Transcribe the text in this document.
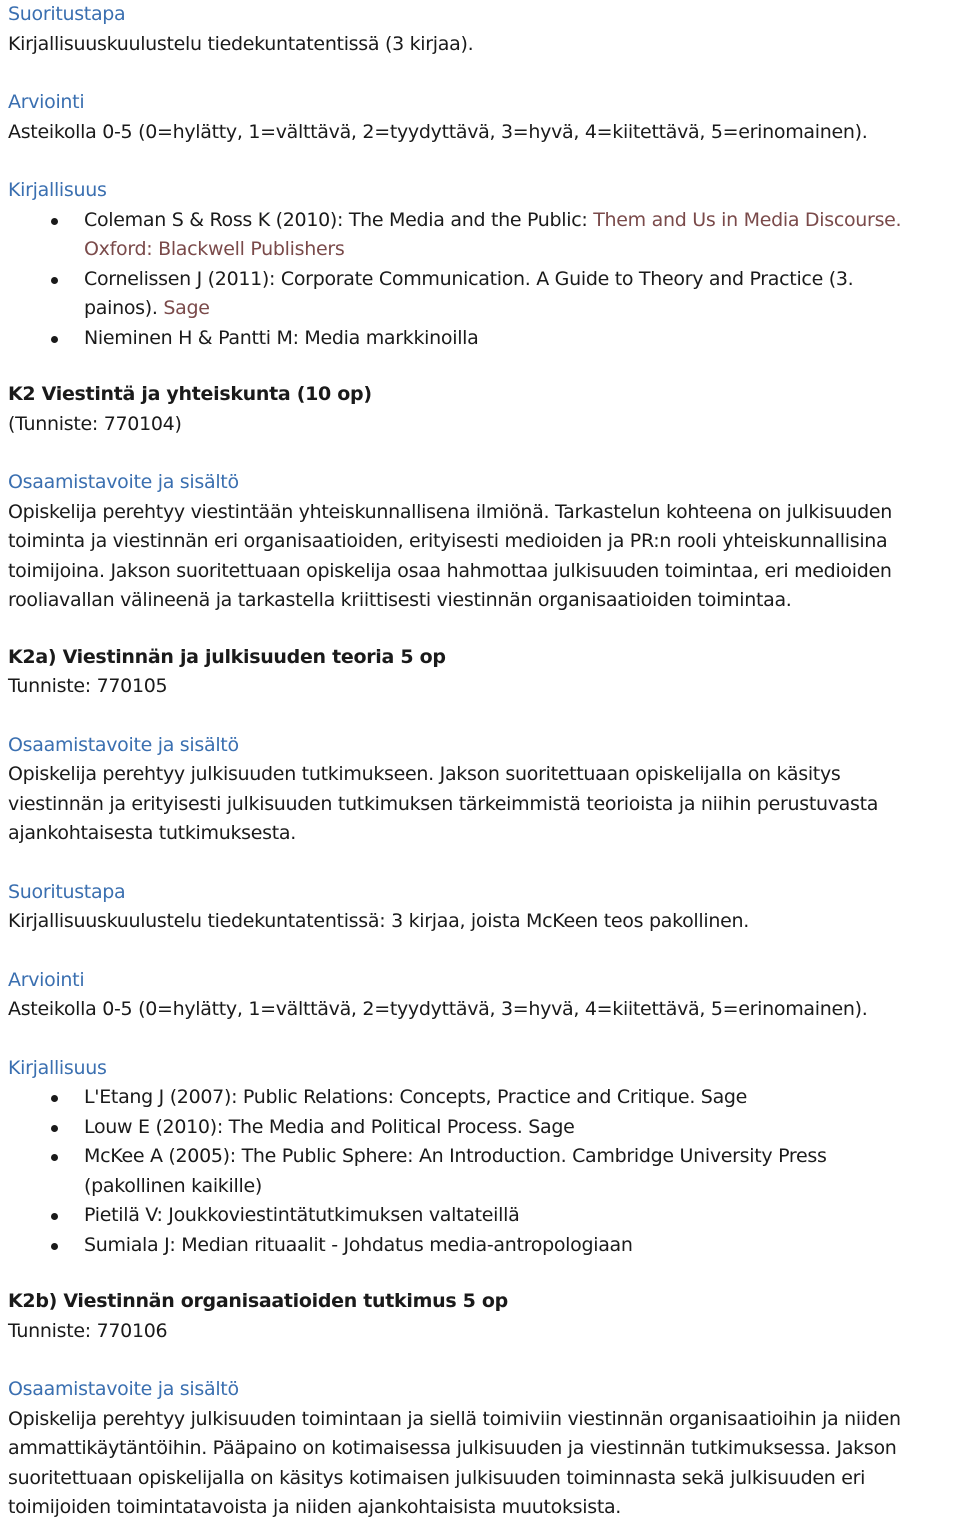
Suoritustapa

Kirjallisuuskuulustelu tiedekuntatentissä (3 kirjaa).

Arviointi

Asteikolla 0-5 (0=hylätty, 1=välttävä, 2=tyydyttävä, 3=hyvä, 4=kiitettävä, 5=erinomainen).

Kirjallisuus

Coleman S & Ross K (2010): The Media and the Public: Them and Us in Media Discourse.
Oxford: Blackwell Publishers
Cornelissen J (2011): Corporate Communication. A Guide to Theory and Practice (3.
painos). Sage
Nieminen H & Pantti M: Media markkinoilla

K2 Viestintä ja yhteiskunta (10 op)

(Tunniste: 770104)

Osaamistavoite ja sisältö

Opiskelija perehtyy viestintään yhteiskunnallisena ilmiönä. Tarkastelun kohteena on julkisuuden

toiminta ja viestinnän eri organisaatioiden, erityisesti medioiden ja PR:n rooli yhteiskunnallisina

toimijoina. Jakson suoritettuaan opiskelija osaa hahmottaa julkisuuden toimintaa, eri medioiden

rooliavallan välineenä ja tarkastella kriittisesti viestinnän organisaatioiden toimintaa.

K2a) Viestinnän ja julkisuuden teoria 5 op

Tunniste: 770105

Osaamistavoite ja sisältö

Opiskelija perehtyy julkisuuden tutkimukseen. Jakson suoritettuaan opiskelijalla on käsitys

viestinnän ja erityisesti julkisuuden tutkimuksen tärkeimmistä teorioista ja niihin perustuvasta

ajankohtaisesta tutkimuksesta.

Suoritustapa

Kirjallisuuskuulustelu tiedekuntatentissä: 3 kirjaa, joista McKeen teos pakollinen.

Arviointi

Asteikolla 0-5 (0=hylätty, 1=välttävä, 2=tyydyttävä, 3=hyvä, 4=kiitettävä, 5=erinomainen).

Kirjallisuus

L'Etang J (2007): Public Relations: Concepts, Practice and Critique. Sage
Louw E (2010): The Media and Political Process. Sage
McKee A (2005): The Public Sphere: An Introduction. Cambridge University Press
(pakollinen kaikille)
Pietilä V: Joukkoviestintätutkimuksen valtateillä
Sumiala J: Median rituaalit - Johdatus media-antropologiaan

K2b) Viestinnän organisaatioiden tutkimus 5 op

Tunniste: 770106

Osaamistavoite ja sisältö

Opiskelija perehtyy julkisuuden toimintaan ja siellä toimiviin viestinnän organisaatioihin ja niiden

ammattikäytäntöihin. Pääpaino on kotimaisessa julkisuuden ja viestinnän tutkimuksessa. Jakson

suoritettuaan opiskelijalla on käsitys kotimaisen julkisuuden toiminnasta sekä julkisuuden eri

toimijoiden toimintatavoista ja niiden ajankohtaisista muutoksista.
